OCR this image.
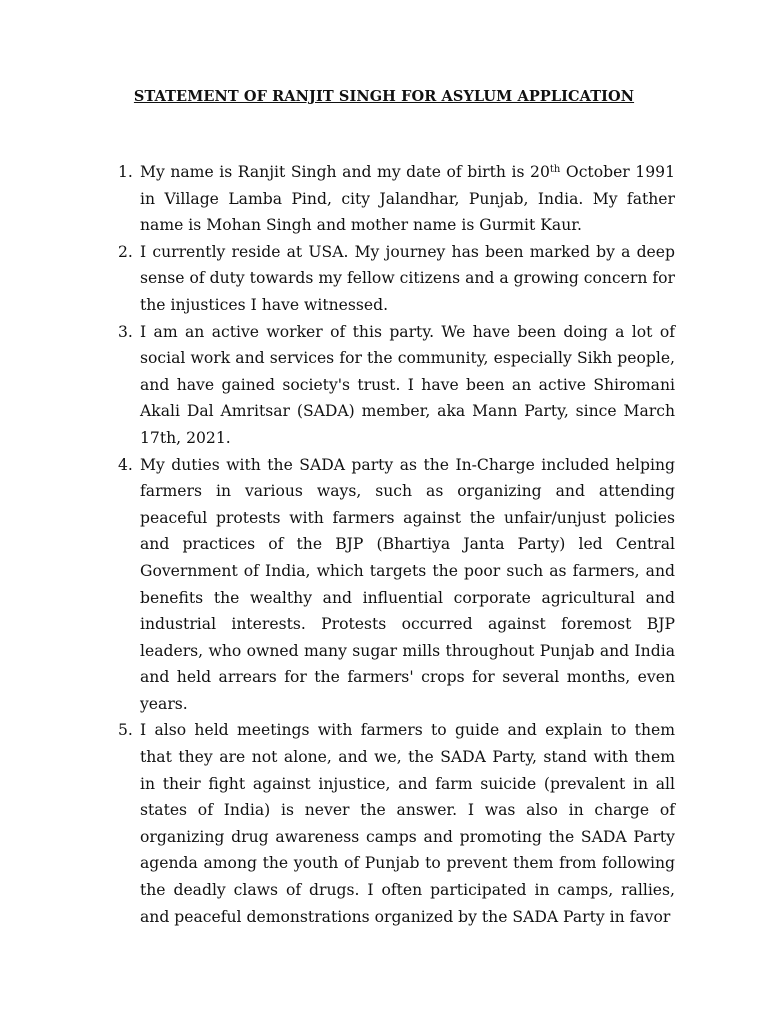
STATEMENT OF RANJIT SINGH FOR ASYLUM APPLICATION
1. My name is Ranjit Singh and my date of birth is 20th October 1991 in Village Lamba Pind, city Jalandhar, Punjab, India. My father name is Mohan Singh and mother name is Gurmit Kaur.
2. I currently reside at USA. My journey has been marked by a deep sense of duty towards my fellow citizens and a growing concern for the injustices I have witnessed.
3. I am an active worker of this party. We have been doing a lot of social work and services for the community, especially Sikh people, and have gained society's trust. I have been an active Shiromani Akali Dal Amritsar (SADA) member, aka Mann Party, since March 17th, 2021.
4. My duties with the SADA party as the In-Charge included helping farmers in various ways, such as organizing and attending peaceful protests with farmers against the unfair/unjust policies and practices of the BJP (Bhartiya Janta Party) led Central Government of India, which targets the poor such as farmers, and benefits the wealthy and influential corporate agricultural and industrial interests. Protests occurred against foremost BJP leaders, who owned many sugar mills throughout Punjab and India and held arrears for the farmers' crops for several months, even years.
5. I also held meetings with farmers to guide and explain to them that they are not alone, and we, the SADA Party, stand with them in their fight against injustice, and farm suicide (prevalent in all states of India) is never the answer. I was also in charge of organizing drug awareness camps and promoting the SADA Party agenda among the youth of Punjab to prevent them from following the deadly claws of drugs. I often participated in camps, rallies, and peaceful demonstrations organized by the SADA Party in favor
